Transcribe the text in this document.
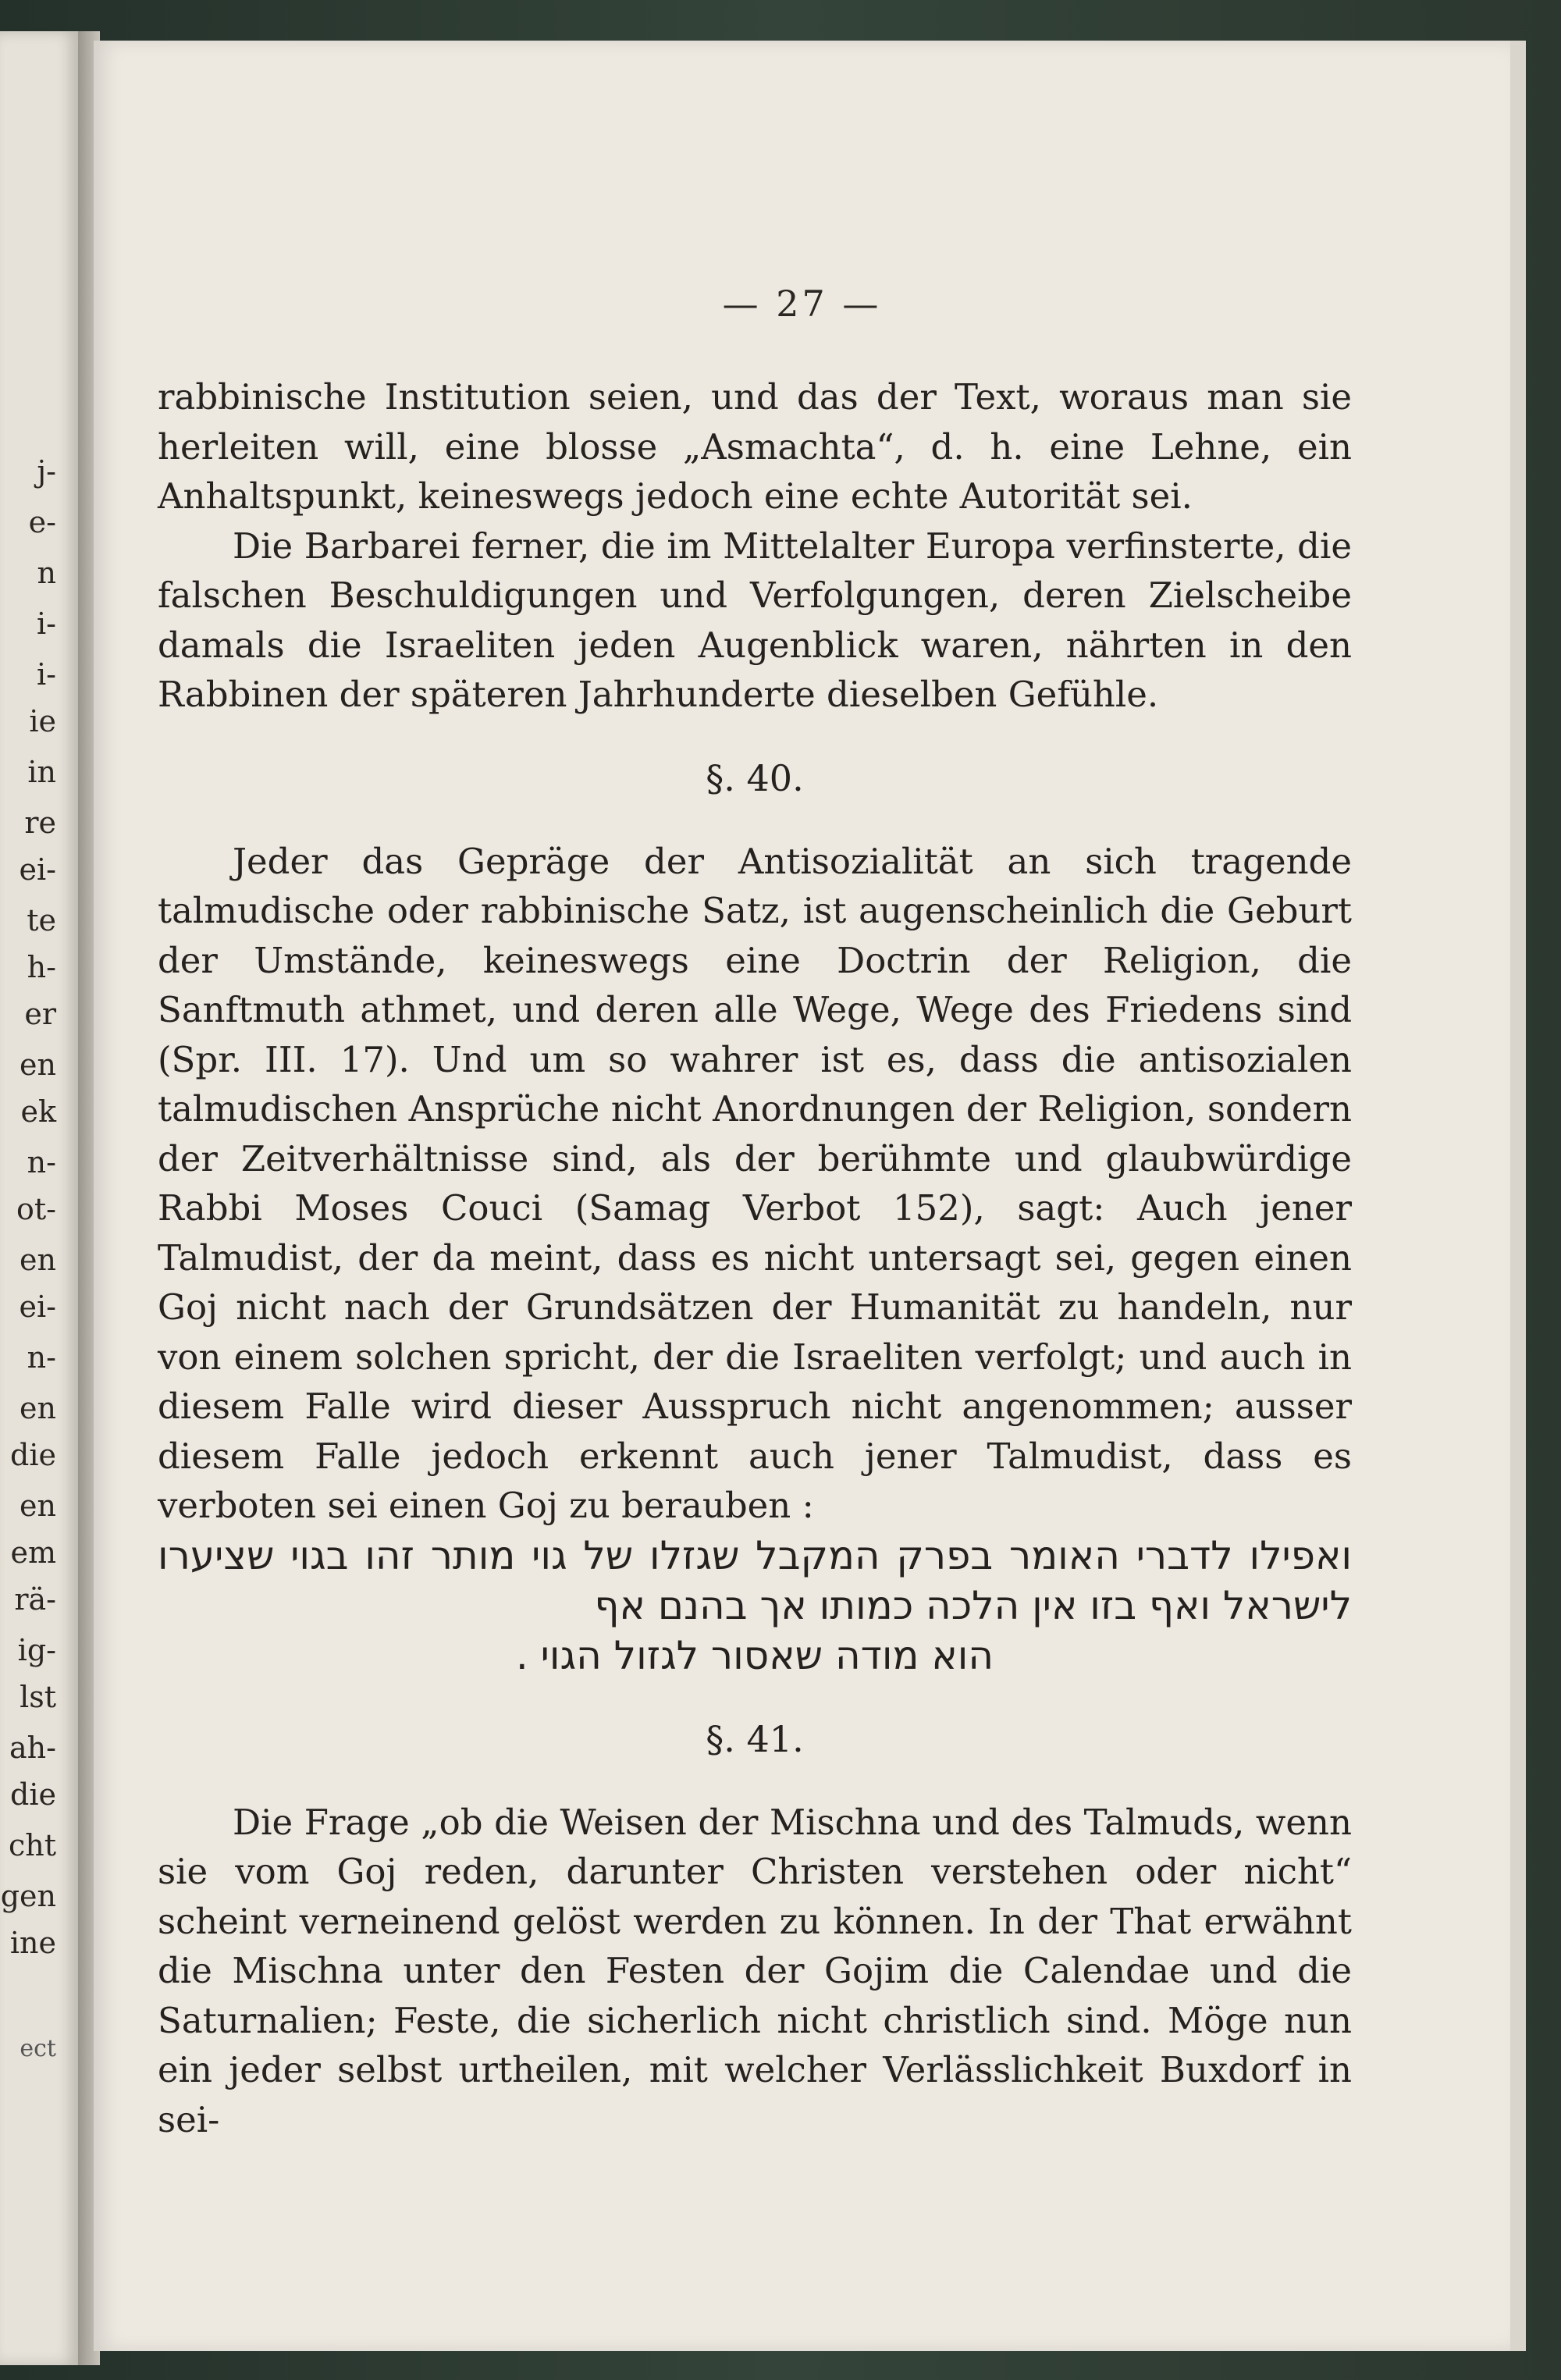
j-
e-
n
i-
i-
ie
in
re
ei-
te
h-
er
en
ek
n-
ot-
en
ei-
n-
en
die
en
em
rä-
ig-
lst
ah-
die
cht
gen
ine
ect
— 27 —

rabbinische Institution seien, und das der Text, woraus man sie herleiten will, eine blosse „Asmachta“, d. h. eine Lehne, ein Anhaltspunkt, keineswegs jedoch eine echte Autorität sei.

Die Barbarei ferner, die im Mittelalter Europa verfinsterte, die falschen Beschuldigungen und Verfolgungen, deren Zielscheibe damals die Israeliten jeden Augenblick waren, nährten in den Rabbinen der späteren Jahrhunderte dieselben Gefühle.

§. 40.

Jeder das Gepräge der Antisozialität an sich tragende talmudische oder rabbinische Satz, ist augenscheinlich die Geburt der Umstände, keineswegs eine Doctrin der Religion, die Sanftmuth athmet, und deren alle Wege, Wege des Friedens sind (Spr. III. 17). Und um so wahrer ist es, dass die antisozialen talmudischen Ansprüche nicht Anordnungen der Religion, sondern der Zeitverhältnisse sind, als der berühmte und glaubwürdige Rabbi Moses Couci (Samag Verbot 152), sagt: Auch jener Talmudist, der da meint, dass es nicht untersagt sei, gegen einen Goj nicht nach der Grundsätzen der Humanität zu handeln, nur von einem solchen spricht, der die Israeliten verfolgt; und auch in diesem Falle wird dieser Ausspruch nicht angenommen; ausser diesem Falle jedoch erkennt auch jener Talmudist, dass es verboten sei einen Goj zu berauben :

ואפילו לדברי האומר בפרק המקבל שגזלו של גוי מותר זהו בגוי שציערו לישראל ואף בזו אין הלכה כמותו אך בהנם אף

הוא מודה שאסור לגזול הגוי .

§. 41.

Die Frage „ob die Weisen der Mischna und des Talmuds, wenn sie vom Goj reden, darunter Christen verstehen oder nicht“ scheint verneinend gelöst werden zu können. In der That erwähnt die Mischna unter den Festen der Gojim die Calendae und die Saturnalien; Feste, die sicherlich nicht christlich sind. Möge nun ein jeder selbst urtheilen, mit welcher Verlässlichkeit Buxdorf in sei-
